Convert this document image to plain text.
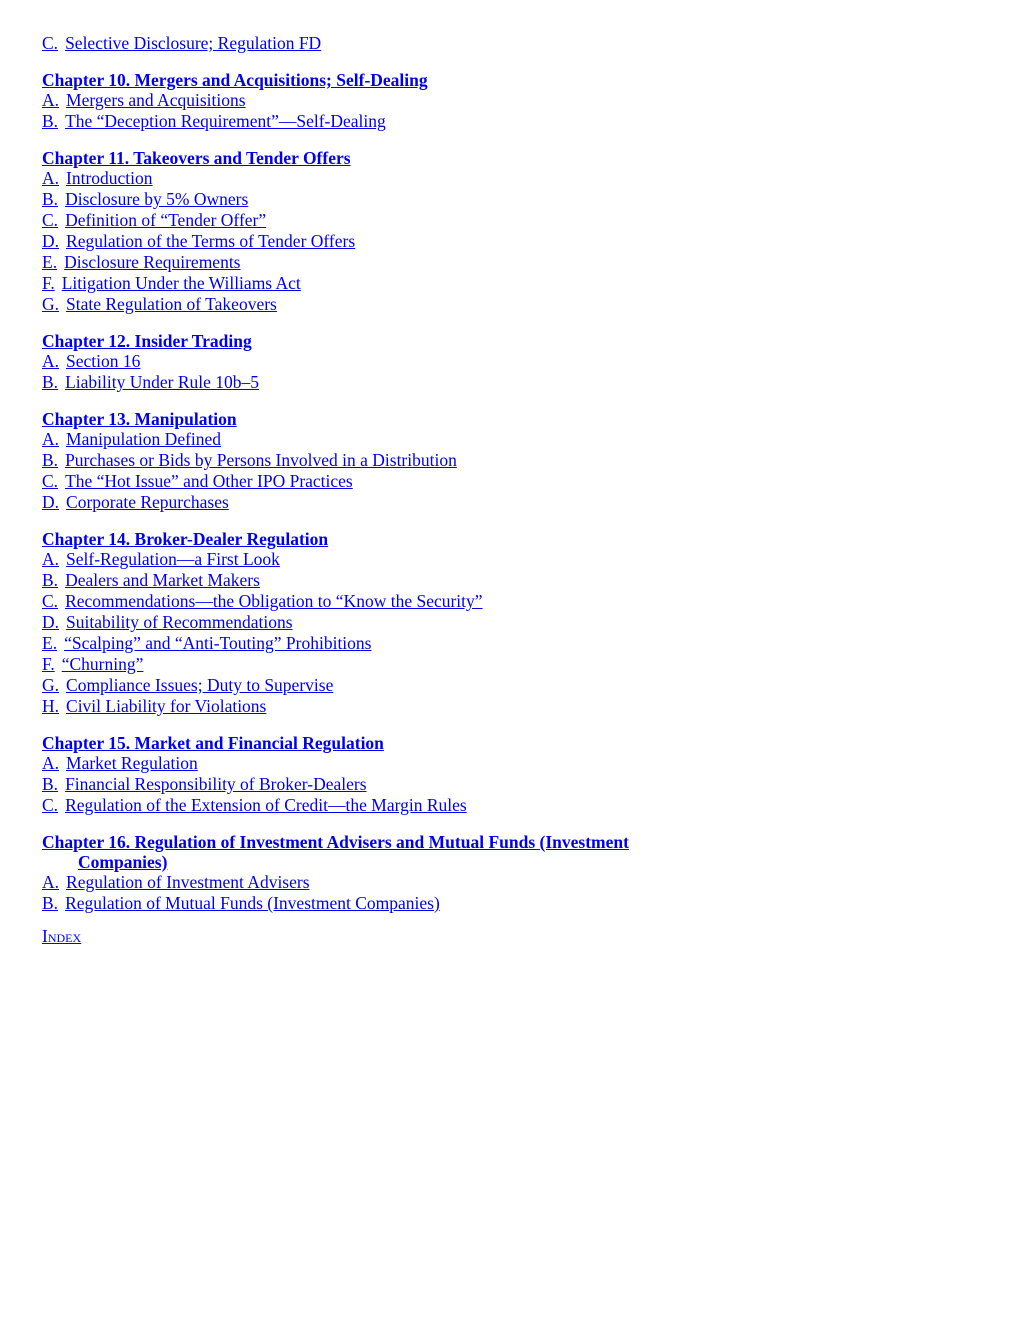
C. Selective Disclosure; Regulation FD
Chapter 10. Mergers and Acquisitions; Self-Dealing
A. Mergers and Acquisitions
B. The “Deception Requirement”—Self-Dealing
Chapter 11. Takeovers and Tender Offers
A. Introduction
B. Disclosure by 5% Owners
C. Definition of “Tender Offer”
D. Regulation of the Terms of Tender Offers
E. Disclosure Requirements
F. Litigation Under the Williams Act
G. State Regulation of Takeovers
Chapter 12. Insider Trading
A. Section 16
B. Liability Under Rule 10b–5
Chapter 13. Manipulation
A. Manipulation Defined
B. Purchases or Bids by Persons Involved in a Distribution
C. The “Hot Issue” and Other IPO Practices
D. Corporate Repurchases
Chapter 14. Broker-Dealer Regulation
A. Self-Regulation—a First Look
B. Dealers and Market Makers
C. Recommendations—the Obligation to “Know the Security”
D. Suitability of Recommendations
E. “Scalping” and “Anti-Touting” Prohibitions
F. “Churning”
G. Compliance Issues; Duty to Supervise
H. Civil Liability for Violations
Chapter 15. Market and Financial Regulation
A. Market Regulation
B. Financial Responsibility of Broker-Dealers
C. Regulation of the Extension of Credit—the Margin Rules
Chapter 16. Regulation of Investment Advisers and Mutual Funds (Investment Companies)
A. Regulation of Investment Advisers
B. Regulation of Mutual Funds (Investment Companies)
Index
